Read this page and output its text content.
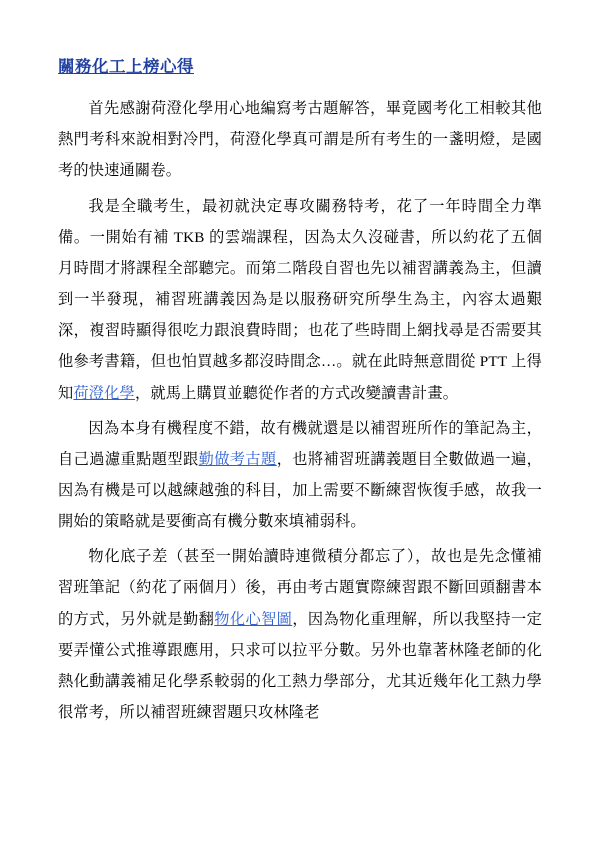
關務化工上榜心得

首先感謝荷澄化學用心地編寫考古題解答，畢竟國考化工相較其他熱門考科來說相對冷門，荷澄化學真可謂是所有考生的一盞明燈，是國考的快速通關卷。

我是全職考生，最初就決定專攻關務特考，花了一年時間全力準備。一開始有補 TKB 的雲端課程，因為太久沒碰書，所以約花了五個月時間才將課程全部聽完。而第二階段自習也先以補習講義為主，但讀到一半發現，補習班講義因為是以服務研究所學生為主，內容太過艱深，複習時顯得很吃力跟浪費時間；也花了些時間上網找尋是否需要其他參考書籍，但也怕買越多都沒時間念…。就在此時無意間從 PTT 上得知荷澄化學，就馬上購買並聽從作者的方式改變讀書計畫。

因為本身有機程度不錯，故有機就還是以補習班所作的筆記為主，自己過濾重點題型跟勤做考古題，也將補習班講義題目全數做過一遍，因為有機是可以越練越強的科目，加上需要不斷練習恢復手感，故我一開始的策略就是要衝高有機分數來填補弱科。

物化底子差（甚至一開始讀時連微積分都忘了），故也是先念懂補習班筆記（約花了兩個月）後，再由考古題實際練習跟不斷回頭翻書本的方式，另外就是勤翻物化心智圖，因為物化重理解，所以我堅持一定要弄懂公式推導跟應用，只求可以拉平分數。另外也靠著林隆老師的化熱化動講義補足化學系較弱的化工熱力學部分，尤其近幾年化工熱力學很常考，所以補習班練習題只攻林隆老
